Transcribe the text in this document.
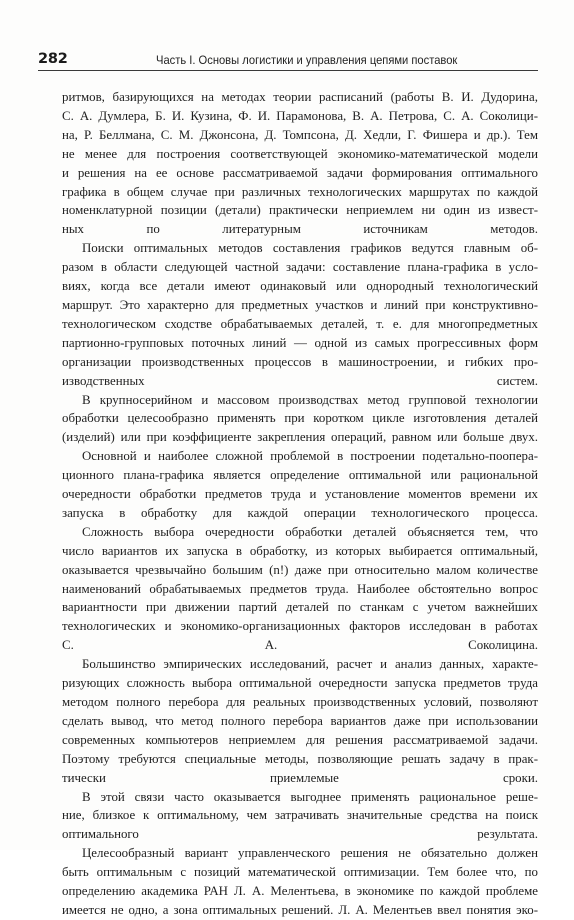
282	Часть I. Основы логистики и управления цепями поставок
ритмов, базирующихся на методах теории расписаний (работы В. И. Дудорина,
С. А. Думлера, Б. И. Кузина, Ф. И. Парамонова, В. А. Петрова, С. А. Соколици-
на, Р. Беллмана, С. М. Джонсона, Д. Томпсона, Д. Хедли, Г. Фишера и др.). Тем
не менее для построения соответствующей экономико-математической модели
и решения на ее основе рассматриваемой задачи формирования оптимального
графика в общем случае при различных технологических маршрутах по каждой
номенклатурной позиции (детали) практически неприемлем ни один из извест-
ных по литературным источникам методов.
Поиски оптимальных методов составления графиков ведутся главным об-
разом в области следующей частной задачи: составление плана-графика в усло-
виях, когда все детали имеют одинаковый или однородный технологический
маршрут. Это характерно для предметных участков и линий при конструктивно-
технологическом сходстве обрабатываемых деталей, т. е. для многопредметных
партионно-групповых поточных линий — одной из самых прогрессивных форм
организации производственных процессов в машиностроении, и гибких про-
изводственных систем.
В крупносерийном и массовом производствах метод групповой технологии
обработки целесообразно применять при коротком цикле изготовления деталей
(изделий) или при коэффициенте закрепления операций, равном или больше двух.
Основной и наиболее сложной проблемой в построении подетально-пооперa-
ционного плана-графика является определение оптимальной или рациональной
очередности обработки предметов труда и установление моментов времени их
запуска в обработку для каждой операции технологического процесса.
Сложность выбора очередности обработки деталей объясняется тем, что
число вариантов их запуска в обработку, из которых выбирается оптимальный,
оказывается чрезвычайно большим (n!) даже при относительно малом количестве
наименований обрабатываемых предметов труда. Наиболее обстоятельно вопрос
вариантности при движении партий деталей по станкам с учетом важнейших
технологических и экономико-организационных факторов исследован в работах
С. А. Соколицина.
Большинство эмпирических исследований, расчет и анализ данных, характе-
ризующих сложность выбора оптимальной очередности запуска предметов труда
методом полного перебора для реальных производственных условий, позволяют
сделать вывод, что метод полного перебора вариантов даже при использовании
современных компьютеров неприемлем для решения рассматриваемой задачи.
Поэтому требуются специальные методы, позволяющие решать задачу в прак-
тически приемлемые сроки.
В этой связи часто оказывается выгоднее применять рациональное реше-
ние, близкое к оптимальному, чем затрачивать значительные средства на поиск
оптимального результата.
Целесообразный вариант управленческого решения не обязательно должен
быть оптимальным с позиций математической оптимизации. Тем более что, по
определению академика РАН Л. А. Мелентьева, в экономике по каждой проблеме
имеется не одно, а зона оптимальных решений. Л. А. Мелентьев ввел понятия эко-
